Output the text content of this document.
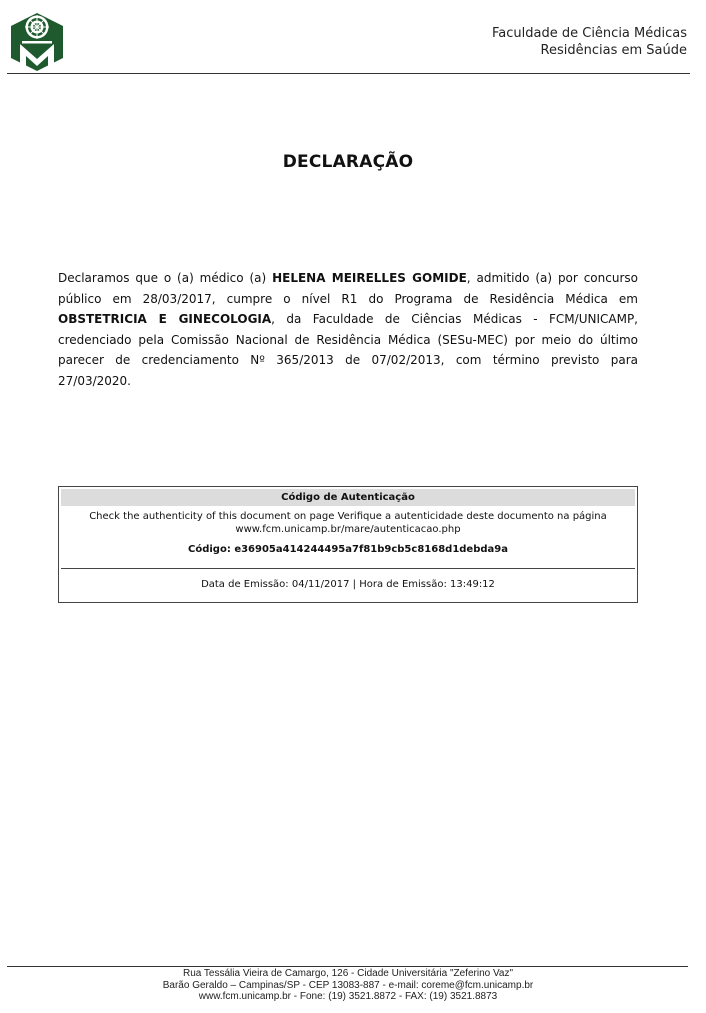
Faculdade de Ciência Médicas
Residências em Saúde
DECLARAÇÃO
Declaramos que o (a) médico (a) HELENA MEIRELLES GOMIDE, admitido (a) por concurso público em 28/03/2017, cumpre o nível R1 do Programa de Residência Médica em OBSTETRICIA E GINECOLOGIA, da Faculdade de Ciências Médicas - FCM/UNICAMP, credenciado pela Comissão Nacional de Residência Médica (SESu-MEC) por meio do último parecer de credenciamento Nº 365/2013 de 07/02/2013, com término previsto para 27/03/2020.
Código de Autenticação
Check the authenticity of this document on page Verifique a autenticidade deste documento na página
www.fcm.unicamp.br/mare/autenticacao.php
Código: e36905a414244495a7f81b9cb5c8168d1debda9a
Data de Emissão: 04/11/2017 | Hora de Emissão: 13:49:12
Rua Tessália Vieira de Camargo, 126 - Cidade Universitária "Zeferino Vaz"
Barão Geraldo – Campinas/SP - CEP 13083-887 - e-mail: coreme@fcm.unicamp.br
www.fcm.unicamp.br - Fone: (19) 3521.8872 - FAX: (19) 3521.8873
